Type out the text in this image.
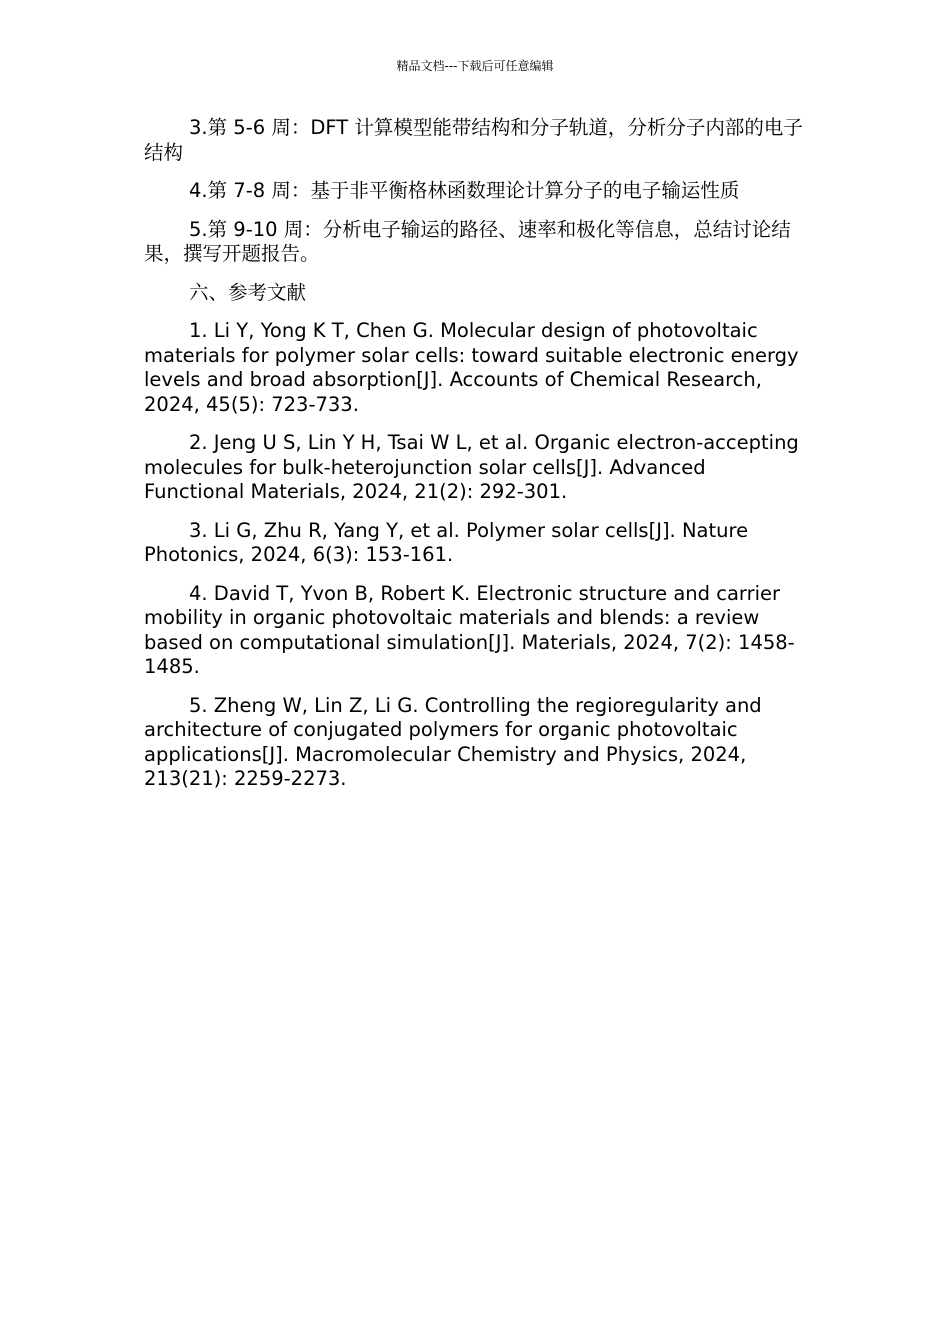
精品文档---下载后可任意编辑

3.第 5-6 周：DFT 计算模型能带结构和分子轨道，分析分子内部的电子结构

4.第 7-8 周：基于非平衡格林函数理论计算分子的电子输运性质

5.第 9-10 周：分析电子输运的路径、速率和极化等信息，总结讨论结果，撰写开题报告。

六、参考文献

1. Li Y, Yong K T, Chen G. Molecular design of photovoltaic materials for polymer solar cells: toward suitable electronic energy levels and broad absorption[J]. Accounts of Chemical Research, 2024, 45(5): 723-733.

2. Jeng U S, Lin Y H, Tsai W L, et al. Organic electron-accepting molecules for bulk-heterojunction solar cells[J]. Advanced Functional Materials, 2024, 21(2): 292-301.

3. Li G, Zhu R, Yang Y, et al. Polymer solar cells[J]. Nature Photonics, 2024, 6(3): 153-161.

4. David T, Yvon B, Robert K. Electronic structure and carrier mobility in organic photovoltaic materials and blends: a review based on computational simulation[J]. Materials, 2024, 7(2): 1458-1485.

5. Zheng W, Lin Z, Li G. Controlling the regioregularity and architecture of conjugated polymers for organic photovoltaic applications[J]. Macromolecular Chemistry and Physics, 2024, 213(21): 2259-2273.
